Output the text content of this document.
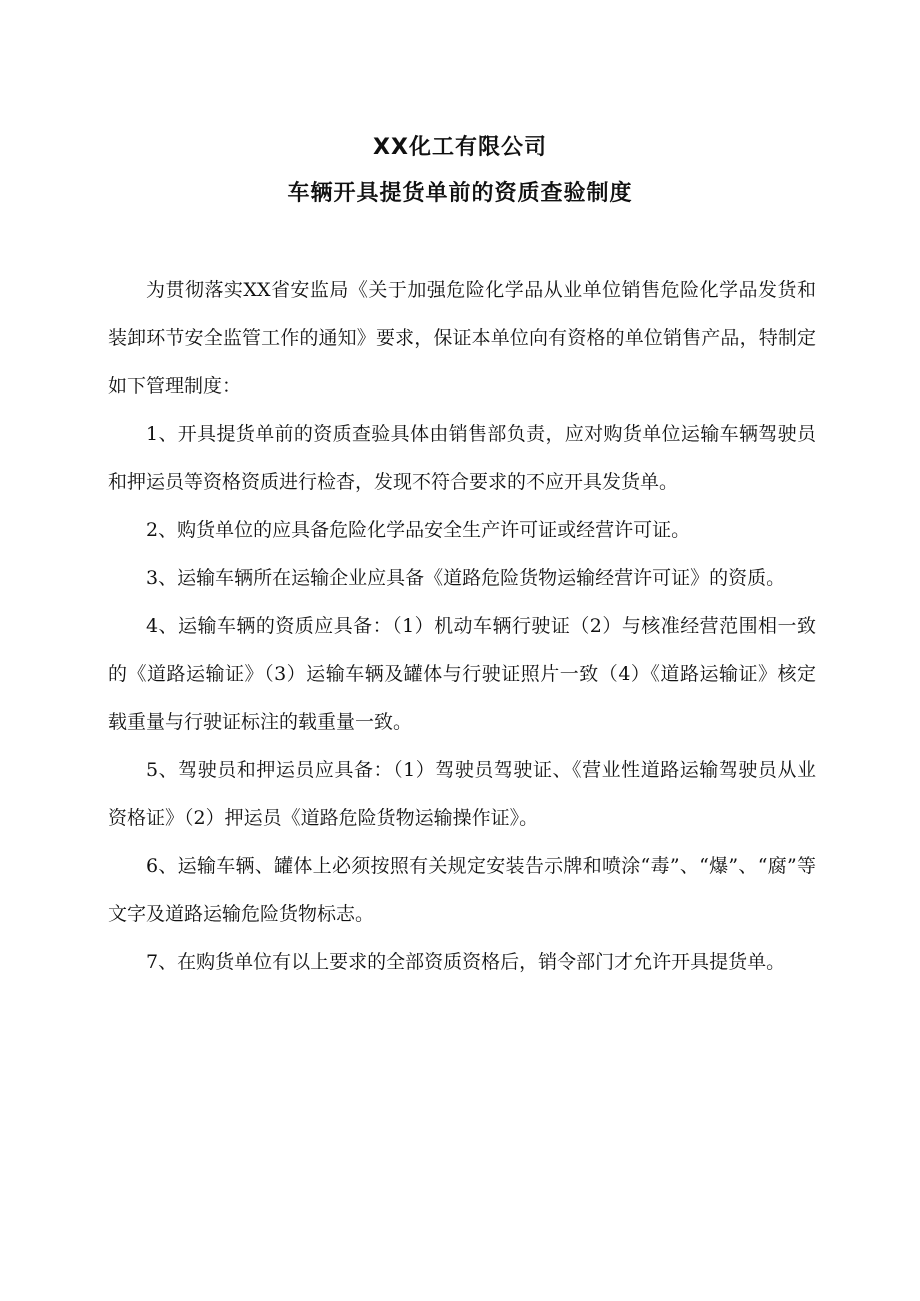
XX化工有限公司
车辆开具提货单前的资质查验制度

为贯彻落实XX省安监局《关于加强危险化学品从业单位销售危险化学品发货和装卸环节安全监管工作的通知》要求，保证本单位向有资格的单位销售产品，特制定如下管理制度：

1、开具提货单前的资质查验具体由销售部负责，应对购货单位运输车辆驾驶员和押运员等资格资质进行检杳，发现不符合要求的不应开具发货单。

2、购货单位的应具备危险化学品安全生产许可证或经营许可证。

3、运输车辆所在运输企业应具备《道路危险货物运输经营许可证》的资质。

4、运输车辆的资质应具备：（1）机动车辆行驶证（2）与核准经营范围相一致的《道路运输证》（3）运输车辆及罐体与行驶证照片一致（4）《道路运输证》核定载重量与行驶证标注的载重量一致。

5、驾驶员和押运员应具备：（1）驾驶员驾驶证、《营业性道路运输驾驶员从业资格证》（2）押运员《道路危险货物运输操作证》。

6、运输车辆、罐体上必须按照有关规定安装告示牌和喷涂“毒”、“爆”、“腐”等文字及道路运输危险货物标志。

7、在购货单位有以上要求的全部资质资格后，销令部门才允许开具提货单。
